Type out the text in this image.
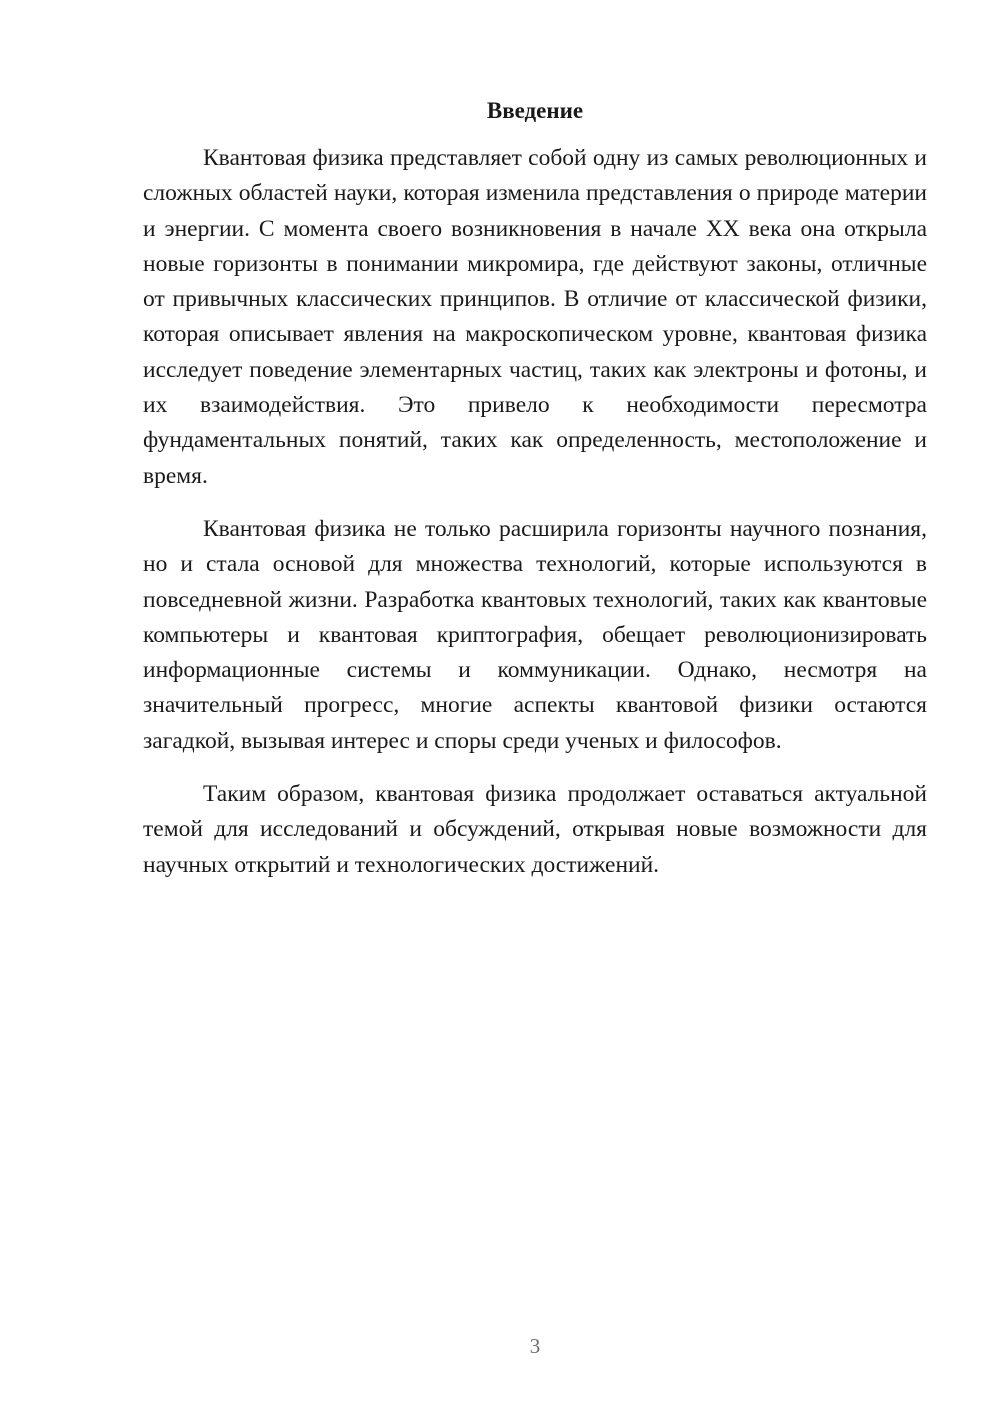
Введение

Квантовая физика представляет собой одну из самых революционных и сложных областей науки, которая изменила представления о природе материи и энергии. С момента своего возникновения в начале XX века она открыла новые горизонты в понимании микромира, где действуют законы, отличные от привычных классических принципов. В отличие от классической физики, которая описывает явления на макроскопическом уровне, квантовая физика исследует поведение элементарных частиц, таких как электроны и фотоны, и их взаимодействия. Это привело к необходимости пересмотра фундаментальных понятий, таких как определенность, местоположение и время.

Квантовая физика не только расширила горизонты научного познания, но и стала основой для множества технологий, которые используются в повседневной жизни. Разработка квантовых технологий, таких как квантовые компьютеры и квантовая криптография, обещает революционизировать информационные системы и коммуникации. Однако, несмотря на значительный прогресс, многие аспекты квантовой физики остаются загадкой, вызывая интерес и споры среди ученых и философов.

Таким образом, квантовая физика продолжает оставаться актуальной темой для исследований и обсуждений, открывая новые возможности для научных открытий и технологических достижений.

3
